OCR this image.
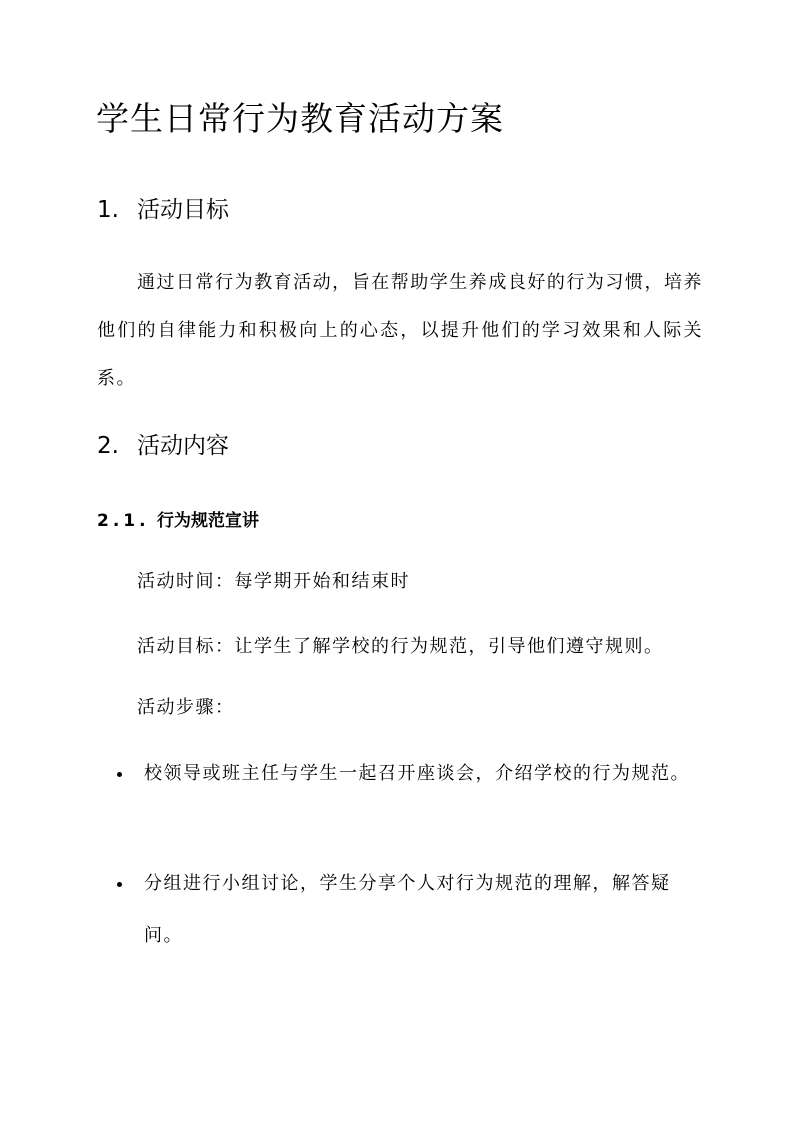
学生日常行为教育活动方案
1. 活动目标

通过日常行为教育活动，旨在帮助学生养成良好的行为习惯，培养他们的自律能力和积极向上的心态，以提升他们的学习效果和人际关系。

2. 活动内容
2.1. 行为规范宣讲

活动时间：每学期开始和结束时

活动目标：让学生了解学校的行为规范，引导他们遵守规则。

活动步骤：

校领导或班主任与学生一起召开座谈会，介绍学校的行为规范。

分组进行小组讨论，学生分享个人对行为规范的理解，解答疑问。
